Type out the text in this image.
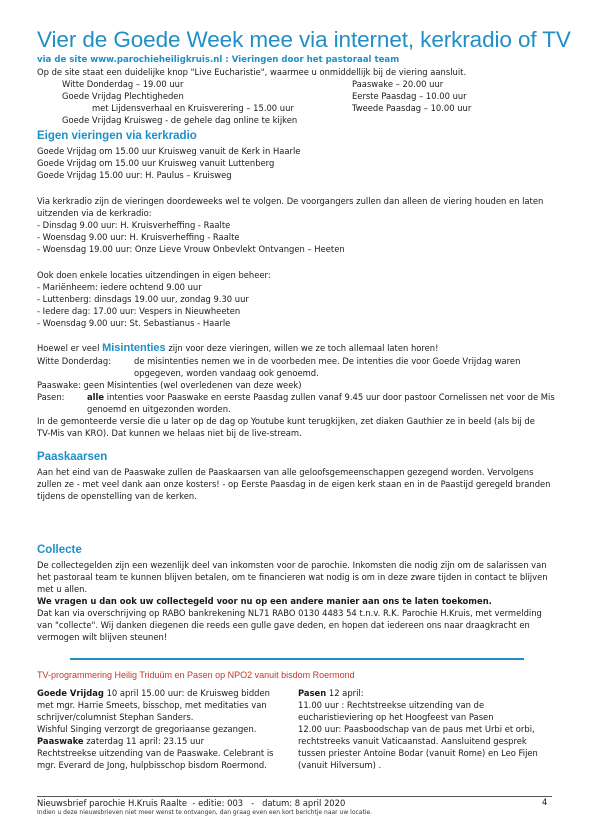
Vier de Goede Week mee via internet, kerkradio of TV
via de site www.parochieheiligkruis.nl : Vieringen door het pastoraal team
Op de site staat een duidelijke knop "Live Eucharistie", waarmee u onmiddellijk bij de viering aansluit.
Witte Donderdag – 19.00 uur
Goede Vrijdag Plechtigheden
met Lijdensverhaal en Kruisverering – 15.00 uur
Goede Vrijdag Kruisweg - de gehele dag online te kijken
Paaswake – 20.00 uur
Eerste Paasdag – 10.00 uur
Tweede Paasdag – 10.00 uur
Eigen vieringen via kerkradio
Goede Vrijdag om 15.00 uur Kruisweg vanuit de Kerk in Haarle
Goede Vrijdag om 15.00 uur Kruisweg vanuit Luttenberg
Goede Vrijdag 15.00 uur: H. Paulus – Kruisweg
Via kerkradio zijn de vieringen doordeweeks wel te volgen. De voorgangers zullen dan alleen de viering houden en laten
uitzenden via de kerkradio:
- Dinsdag 9.00 uur: H. Kruisverheffing - Raalte
- Woensdag 9.00 uur: H. Kruisverheffing - Raalte
- Woensdag 19.00 uur: Onze Lieve Vrouw Onbevlekt Ontvangen – Heeten
Ook doen enkele locaties uitzendingen in eigen beheer:
- Mariënheem: iedere ochtend 9.00 uur
- Luttenberg: dinsdags 19.00 uur, zondag 9.30 uur
- Iedere dag: 17.00 uur: Vespers in Nieuwheeten
- Woensdag 9.00 uur: St. Sebastianus - Haarle
Hoewel er veel Misintenties zijn voor deze vieringen, willen we ze toch allemaal laten horen!
Witte Donderdag:	de misintenties nemen we in de voorbeden mee. De intenties die voor Goede Vrijdag waren
opgegeven, worden vandaag ook genoemd.
Paaswake: geen Misintenties (wel overledenen van deze week)
Pasen:	alle intenties voor Paaswake en eerste Paasdag zullen vanaf 9.45 uur door pastoor Cornelissen net voor de Mis
genoemd en uitgezonden worden.
In de gemonteerde versie die u later op de dag op Youtube kunt terugkijken, zet diaken Gauthier ze in beeld (als bij de
TV-Mis van KRO). Dat kunnen we helaas niet bij de live-stream.
Paaskaarsen
Aan het eind van de Paaswake zullen de Paaskaarsen van alle geloofsgemeenschappen gezegend worden. Vervolgens
zullen ze - met veel dank aan onze kosters! - op Eerste Paasdag in de eigen kerk staan en in de Paastijd geregeld branden
tijdens de openstelling van de kerken.
Collecte
De collectegelden zijn een wezenlijk deel van inkomsten voor de parochie. Inkomsten die nodig zijn om de salarissen van
het pastoraal team te kunnen blijven betalen, om te financieren wat nodig is om in deze zware tijden in contact te blijven
met u allen.
We vragen u dan ook uw collectegeld voor nu op een andere manier aan ons te laten toekomen.
Dat kan via overschrijving op RABO bankrekening NL71 RABO 0130 4483 54 t.n.v. R.K. Parochie H.Kruis, met vermelding
van "collecte". Wij danken diegenen die reeds een gulle gave deden, en hopen dat iedereen ons naar draagkracht en
vermogen wilt blijven steunen!
TV-programmering Heilig Triduüm en Pasen op NPO2 vanuit bisdom Roermond
Goede Vrijdag 10 april 15.00 uur: de Kruisweg bidden
met mgr. Harrie Smeets, bisschop, met meditaties van
schrijver/columnist Stephan Sanders.
Wishful Singing verzorgt de gregoriaanse gezangen.
Paaswake zaterdag 11 april: 23.15 uur
Rechtstreekse uitzending van de Paaswake. Celebrant is
mgr. Everard de Jong, hulpbisschop bisdom Roermond.
Pasen 12 april:
11.00 uur : Rechtstreekse uitzending van de
eucharistieviering op het Hoogfeest van Pasen
12.00 uur: Paasboodschap van de paus met Urbi et orbi,
rechtstreeks vanuit Vaticaanstad. Aansluitend gesprek
tussen priester Antoine Bodar (vanuit Rome) en Leo Fijen
(vanuit Hilversum) .
Nieuwsbrief parochie H.Kruis Raalte  - editie: 003   -   datum: 8 april 2020	4
Indien u deze nieuwsbrieven niet meer wenst te ontvangen, dan graag even een kort berichtje naar uw locatie.
